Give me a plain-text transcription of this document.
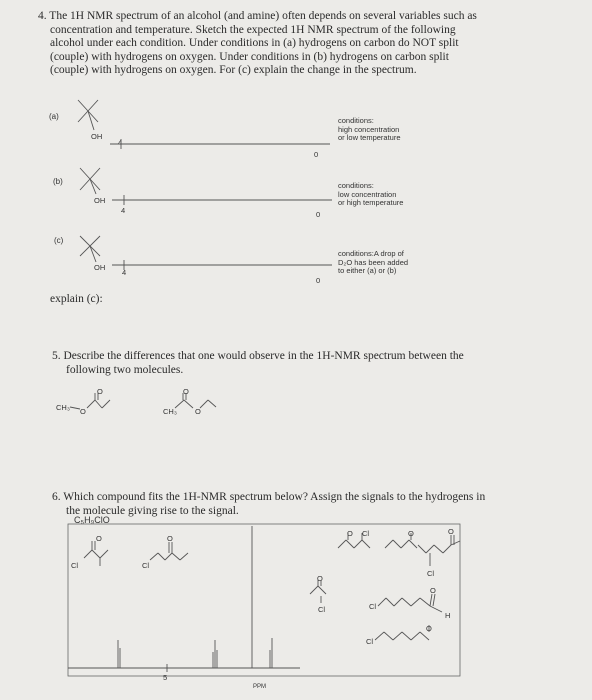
4. The 1H NMR spectrum of an alcohol (and amine) often depends on several variables such as
concentration and temperature. Sketch the expected 1H NMR spectrum of the following
alcohol under each condition. Under conditions in (a) hydrogens on carbon do NOT split
(couple) with hydrogens on oxygen. Under conditions in (b) hydrogens on carbon split
(couple) with hydrogens on oxygen. For (c) explain the change in the spectrum.
(a)
(b)
(c)
OH
OH
OH
4
0
4	0
4
0
conditions:
high concentration
or low temperature
conditions:
low concentration
or high temperature
conditions:A drop of
D₂O has been added
to either (a) or (b)
explain (c):
5. Describe the differences that one would observe in the 1H-NMR spectrum between the
following two molecules.
CH₃ O
O
CH₃ O
O
6. Which compound fits the 1H-NMR spectrum below? Assign the signals to the hydrogens in
the molecule giving rise to the signal.
C₅H₉ClO
O
Cl
O
Cl
O Cl	O	O
Cl
O
Cl	Cl
O
H
Cl
O
5
PPM
